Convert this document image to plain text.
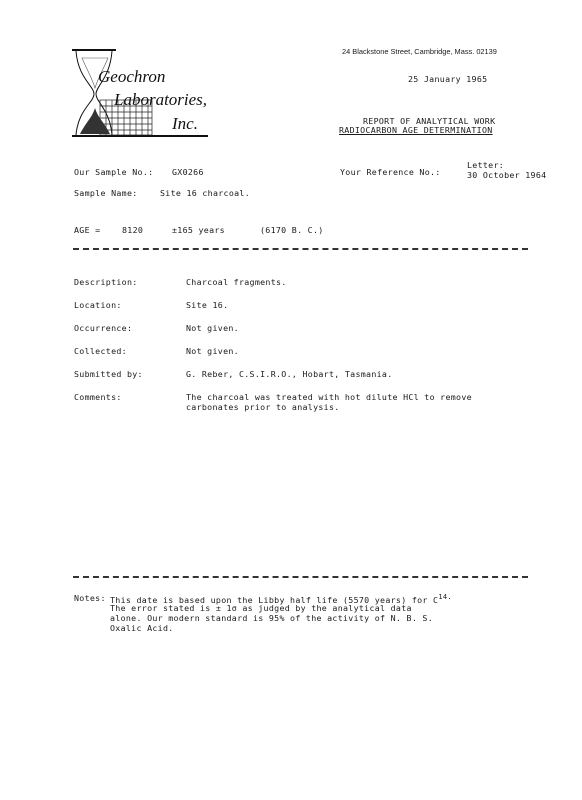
Geochron
Laboratories,
Inc.
24 Blackstone Street, Cambridge, Mass. 02139
25 January 1965
REPORT OF ANALYTICAL WORK
RADIOCARBON AGE DETERMINATION
Our Sample No.: GX0266	Your Reference No.:
Letter:
30 October 1964
Sample Name:	Site 16 charcoal.
AGE =	8120	±165 years	(6170 B. C.)
Description:	Charcoal fragments.
Location:	Site 16.
Occurrence:	Not given.
Collected:	Not given.
Submitted by:	G. Reber, C.S.I.R.O., Hobart, Tasmania.
Comments:	The charcoal was treated with hot dilute HCl to remove
carbonates prior to analysis.
Notes: This date is based upon the Libby half life (5570 years) for $C^{14.}$
The error stated is ± 1σ as judged by the analytical data
alone. Our modern standard is 95% of the activity of N. B. S.
Oxalic Acid.
